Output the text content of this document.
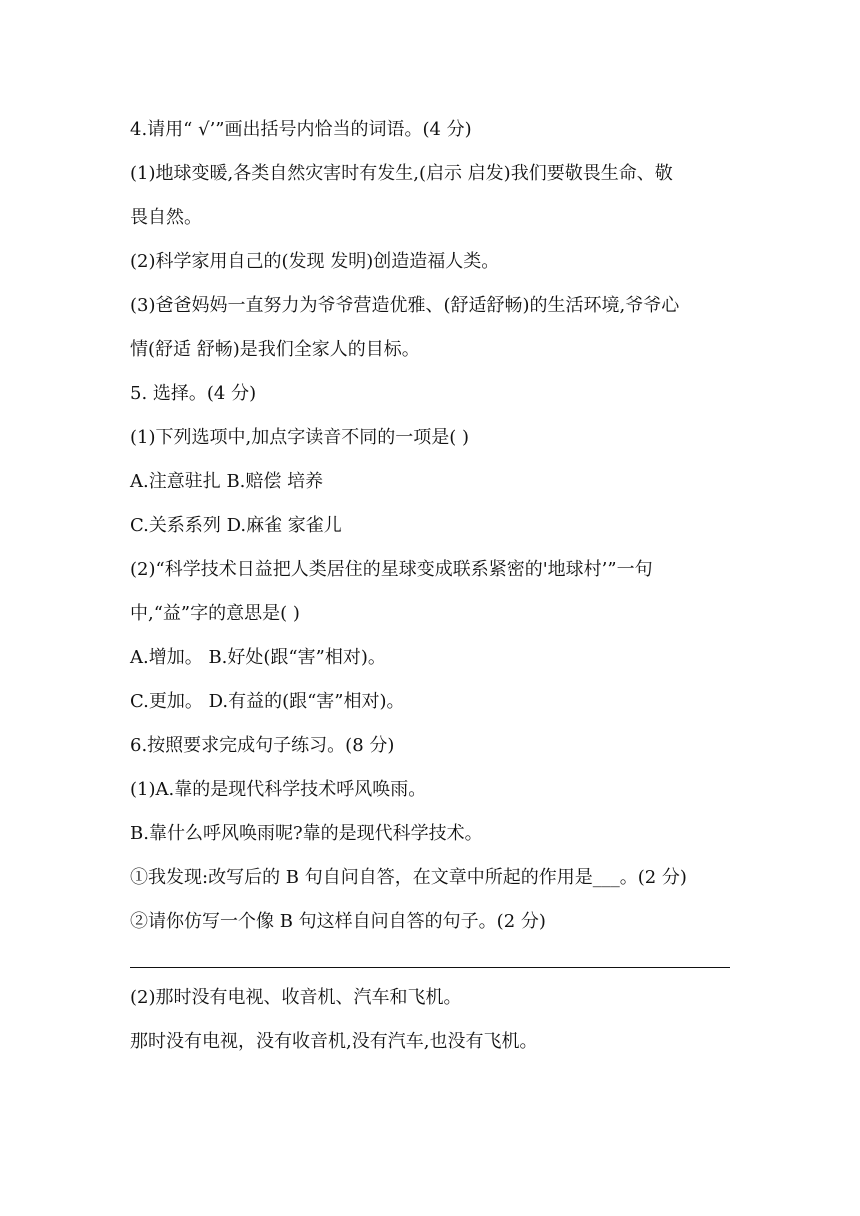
4.请用“ √’”画出括号内恰当的词语。(4 分)
(1)地球变暖,各类自然灾害时有发生,(启示 启发)我们要敬畏生命、敬
畏自然。
(2)科学家用自己的(发现 发明)创造造福人类。
(3)爸爸妈妈一直努力为爷爷营造优雅、(舒适舒畅)的生活环境,爷爷心
情(舒适 舒畅)是我们全家人的目标。
5. 选择。(4 分)
(1)下列选项中,加点字读音不同的一项是( )
A.注意驻扎 B.赔偿 培养
C.关系系列 D.麻雀 家雀儿
(2)“科学技术日益把人类居住的星球变成联系紧密的'地球村’”一句
中,“益”字的意思是( )
A.增加。 B.好处(跟“害”相对)。
C.更加。 D.有益的(跟“害”相对)。
6.按照要求完成句子练习。(8 分)
(1)A.靠的是现代科学技术呼风唤雨。
B.靠什么呼风唤雨呢?靠的是现代科学技术。
①我发现:改写后的 B 句自问自答，在文章中所起的作用是___。(2 分)
②请你仿写一个像 B 句这样自问自答的句子。(2 分)
(2)那时没有电视、收音机、汽车和飞机。
那时没有电视，没有收音机,没有汽车,也没有飞机。
